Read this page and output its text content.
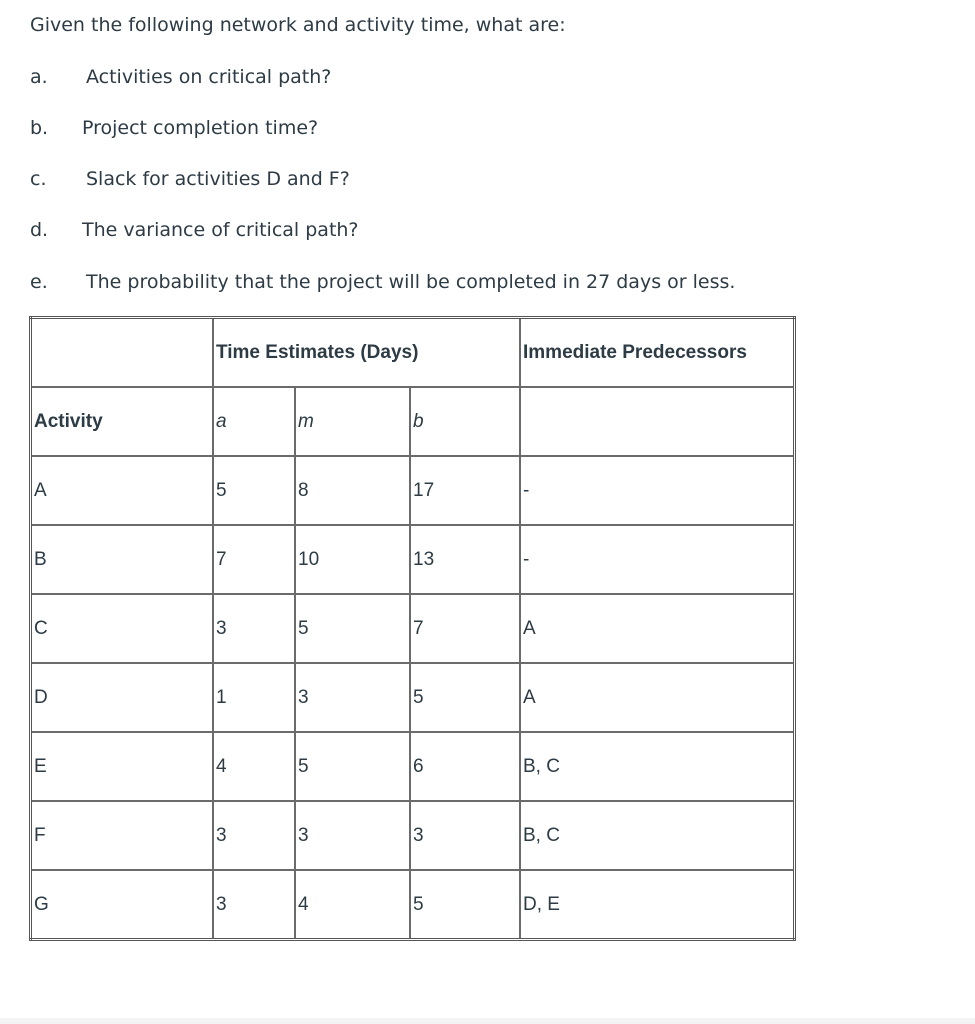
Given the following network and activity time, what are:

a.	Activities on critical path?
b.	Project completion time?
c.	Slack for activities D and F?
d.	The variance of critical path?
e.	The probability that the project will be completed in 27 days or less.
	Time Estimates (Days)			Immediate Predecessors
Activity	a	m	b	
A	5	8	17	-
B	7	10	13	-
C	3	5	7	A
D	1	3	5	A
E	4	5	6	B, C
F	3	3	3	B, C
G	3	4	5	D, E
